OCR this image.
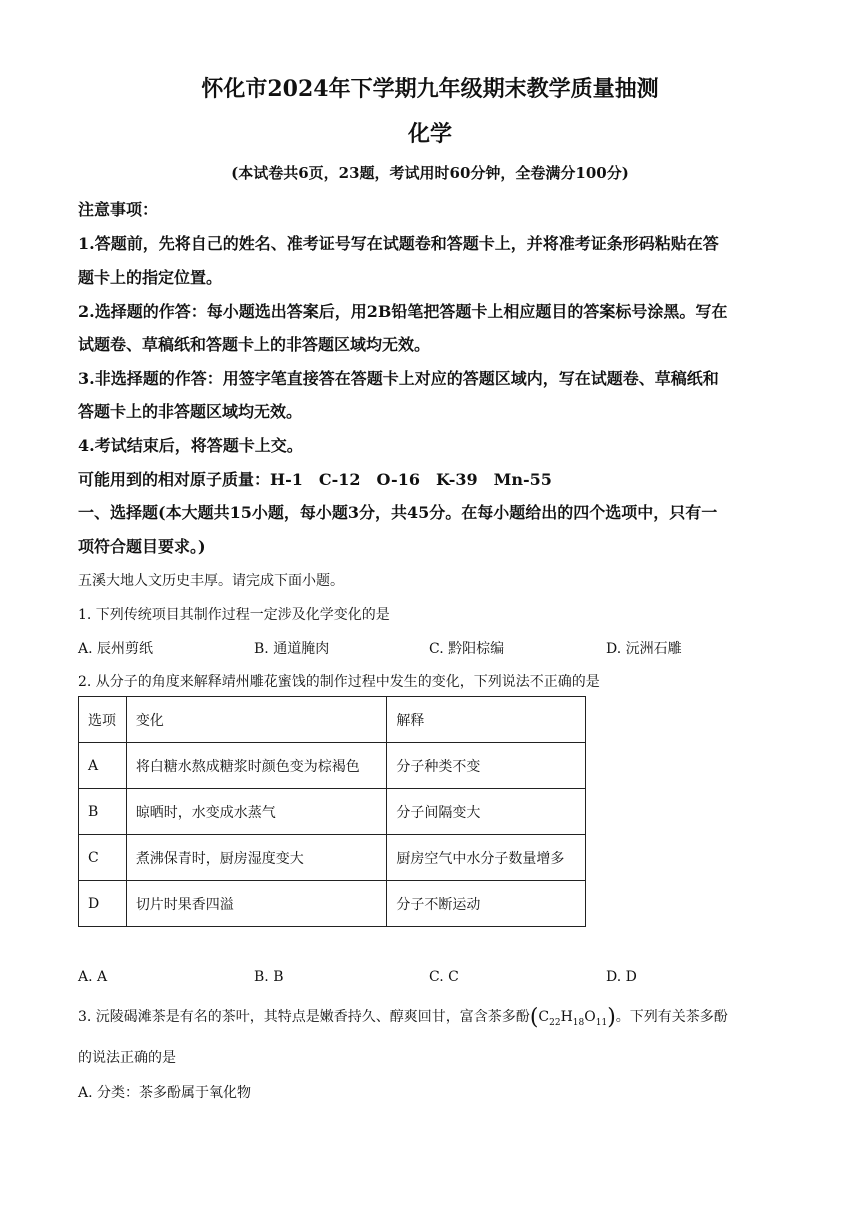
怀化市2024年下学期九年级期末教学质量抽测
化学
(本试卷共6页，23题，考试用时60分钟，全卷满分100分)
注意事项：
1.答题前，先将自己的姓名、准考证号写在试题卷和答题卡上，并将准考证条形码粘贴在答
题卡上的指定位置。
2.选择题的作答：每小题选出答案后，用2B铅笔把答题卡上相应题目的答案标号涂黑。写在
试题卷、草稿纸和答题卡上的非答题区域均无效。
3.非选择题的作答：用签字笔直接答在答题卡上对应的答题区域内，写在试题卷、草稿纸和
答题卡上的非答题区域均无效。
4.考试结束后，将答题卡上交。
可能用到的相对原子质量：H-1　C-12　O-16　K-39　Mn-55
一、选择题(本大题共15小题，每小题3分，共45分。在每小题给出的四个选项中，只有一
项符合题目要求。)
五溪大地人文历史丰厚。请完成下面小题。
1. 下列传统项目其制作过程一定涉及化学变化的是
A. 辰州剪纸	B. 通道腌肉	C. 黔阳棕编	D. 沅洲石雕
2. 从分子的角度来解释靖州雕花蜜饯的制作过程中发生的变化，下列说法不正确的是
选项	变化	解释
A	将白糖水熬成糖浆时颜色变为棕褐色	分子种类不变
B	晾晒时，水变成水蒸气	分子间隔变大
C	煮沸保青时，厨房湿度变大	厨房空气中水分子数量增多
D	切片时果香四溢	分子不断运动
A. A	B. B	C. C	D. D
3. 沅陵碣滩茶是有名的茶叶，其特点是嫩香持久、醇爽回甘，富含茶多酚$(C_{22}H_{18}O_{11})$。下列有关茶多酚
的说法正确的是
A. 分类：茶多酚属于氧化物
